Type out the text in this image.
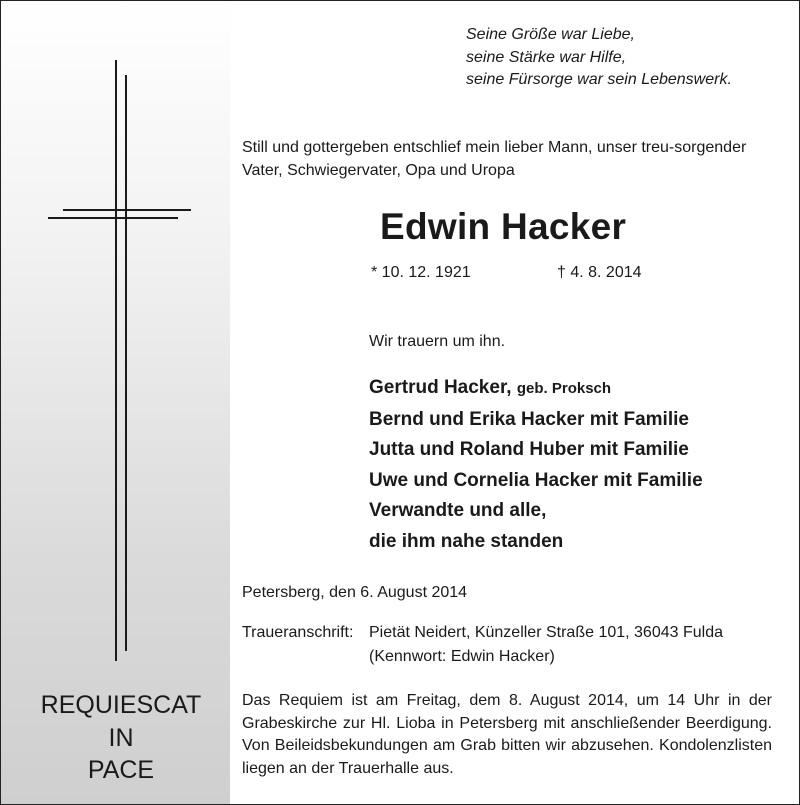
REQUIESCAT
IN
PACE
Seine Größe war Liebe,
seine Stärke war Hilfe,
seine Fürsorge war sein Lebenswerk.
Still und gottergeben entschlief mein lieber Mann, unser treu-sorgender Vater, Schwiegervater, Opa und Uropa
Edwin Hacker
* 10. 12. 1921	† 4. 8. 2014
Wir trauern um ihn.
Gertrud Hacker, geb. Proksch
Bernd und Erika Hacker mit Familie
Jutta und Roland Huber mit Familie
Uwe und Cornelia Hacker mit Familie
Verwandte und alle,
die ihm nahe standen
Petersberg, den 6. August 2014
Traueranschrift: Pietät Neidert, Künzeller Straße 101, 36043 Fulda
(Kennwort: Edwin Hacker)
Das Requiem ist am Freitag, dem 8. August 2014, um 14 Uhr in der Grabeskirche zur Hl. Lioba in Petersberg mit anschließender Beerdigung. Von Beileidsbekundungen am Grab bitten wir abzusehen. Kondolenzlisten liegen an der Trauerhalle aus.
